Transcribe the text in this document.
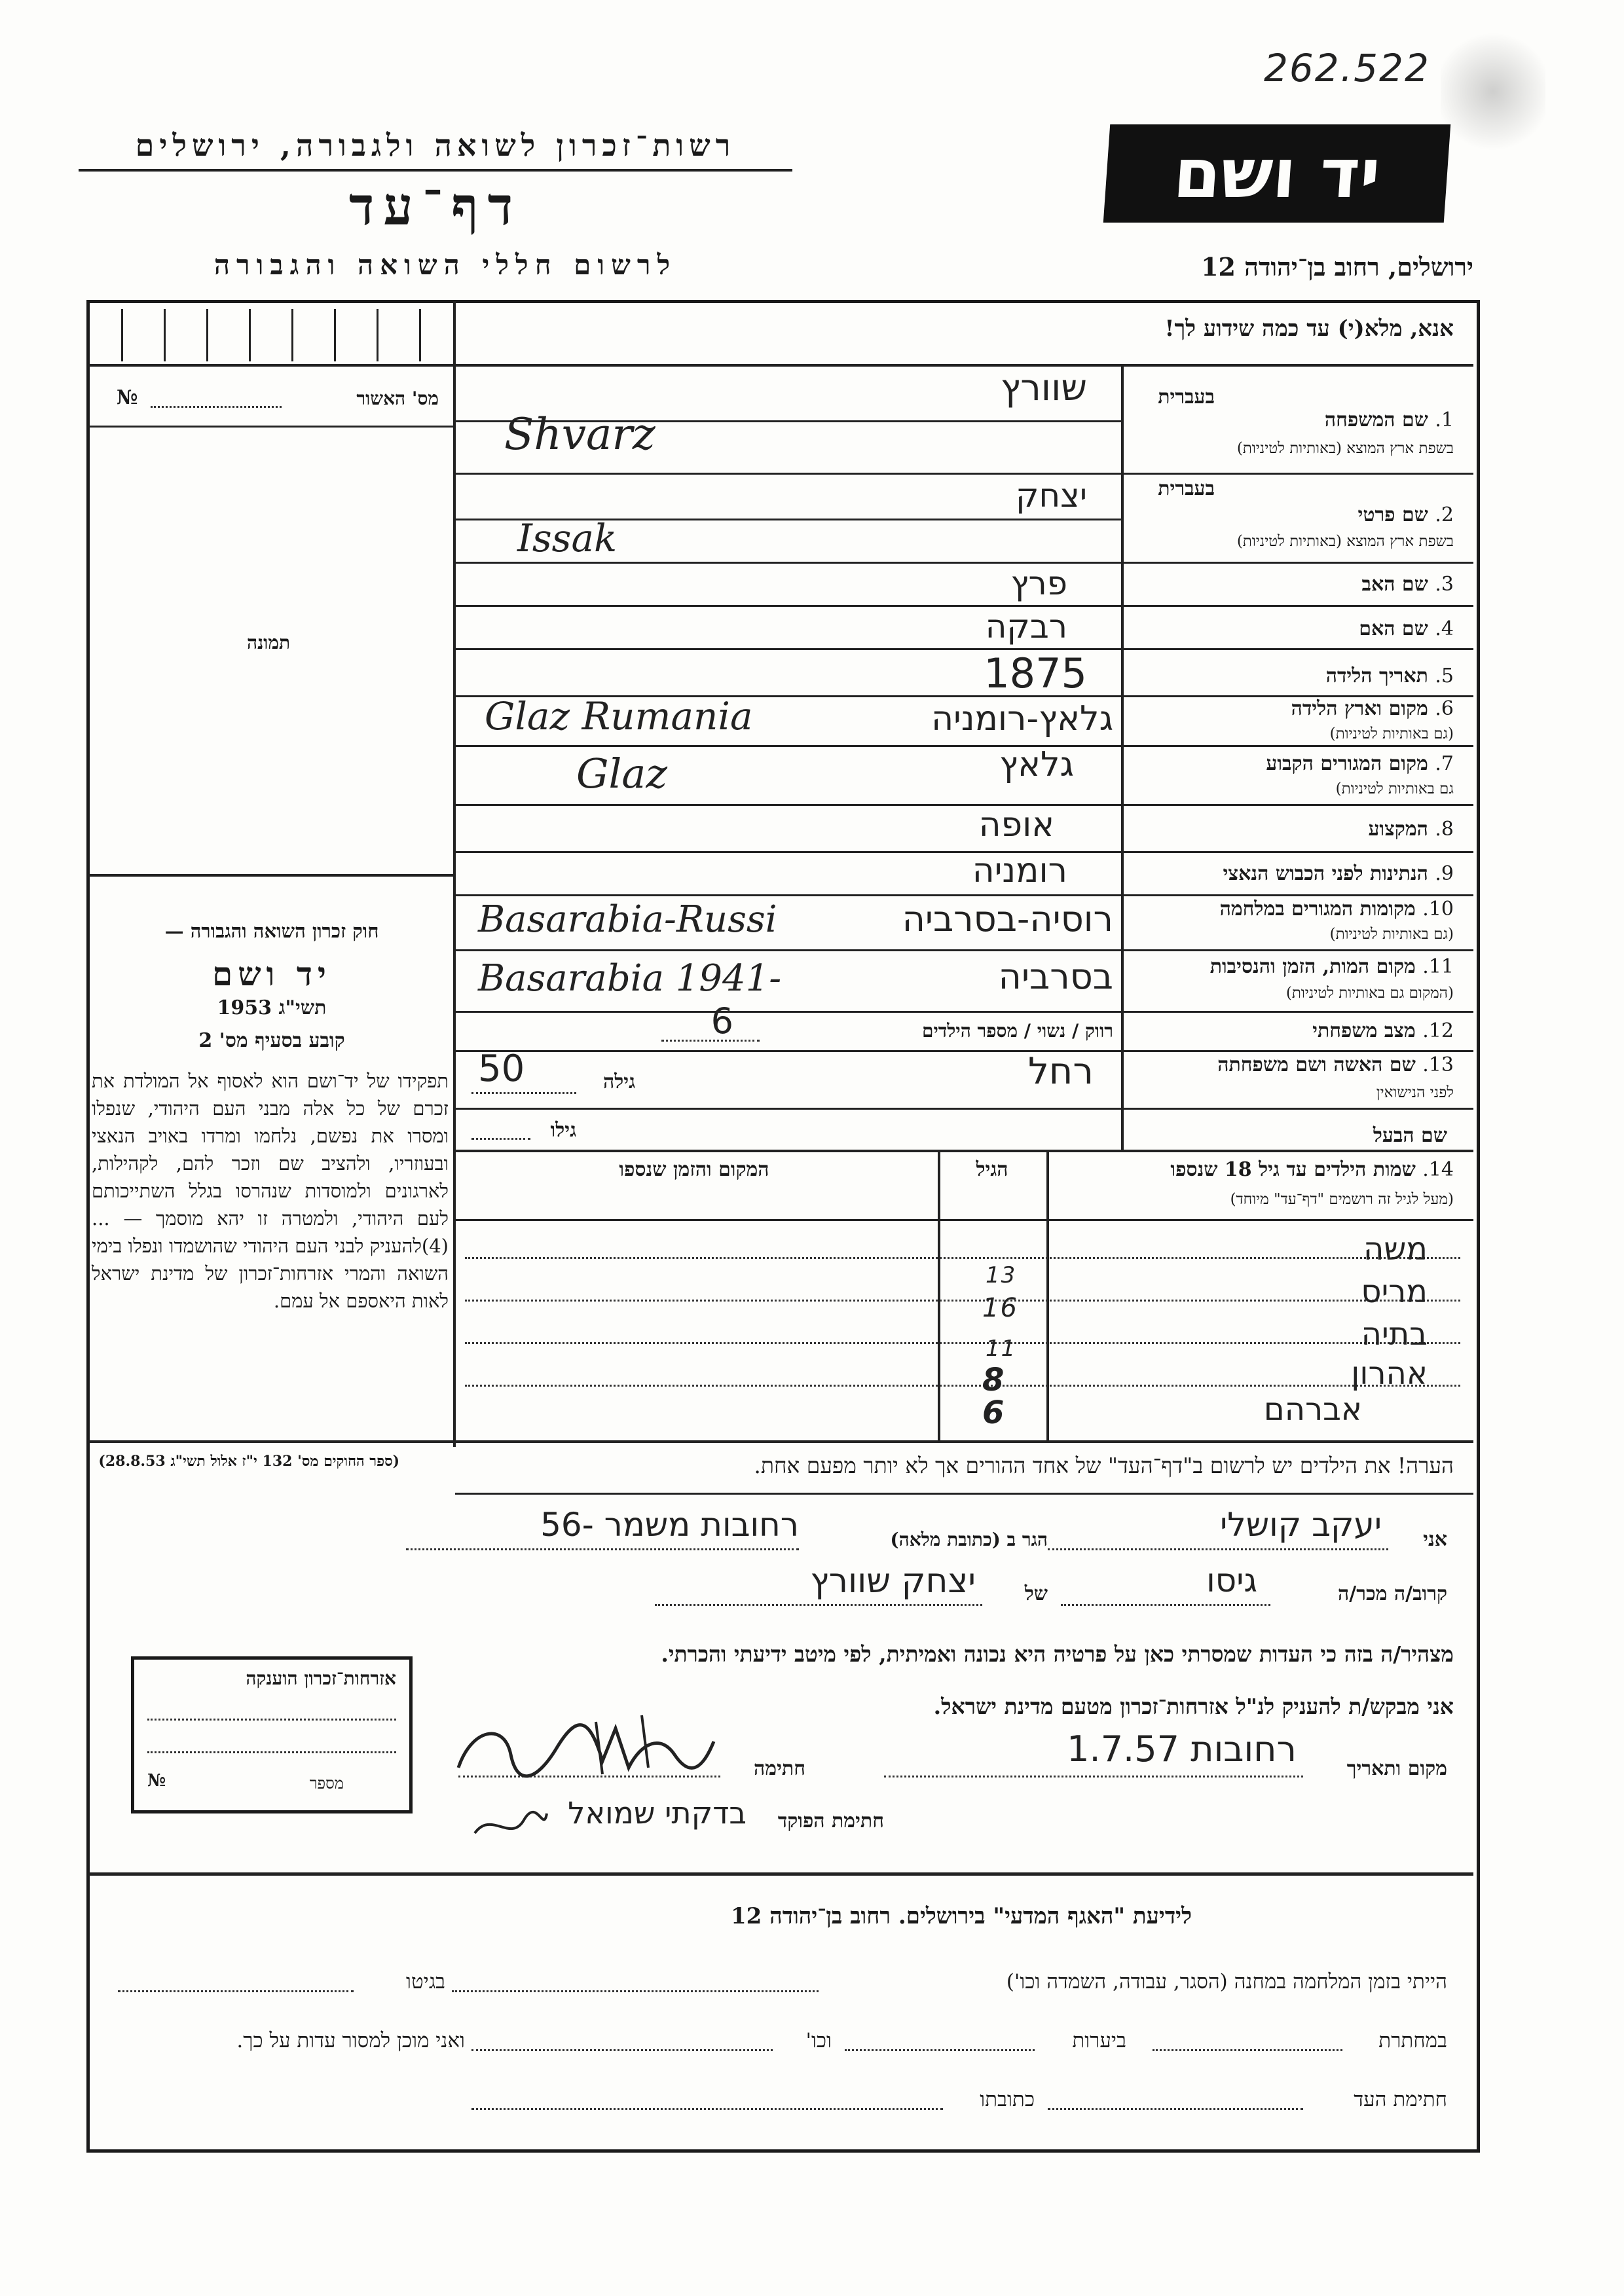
262.522
רשות־זכרון לשואה ולגבורה, ירושלים
דף־עד
לרשום חללי השואה והגבורה
יד ושם
ירושלים, רחוב בן־יהודה 12
אנא, מלא(י) עד כמה שידוע לך!
מס' האשור
№
תמונה
חוק זכרון השואה והגבורה —
יד ושם
1953 תשי"ג
קובע בסעיף מס' 2
תפקידו של יד־ושם הוא לאסוף אל המולדת את זכרם של כל אלה מבני העם היהודי, שנפלו ומסרו את נפשם, נלחמו ומרדו באויב הנאצי ובעוזריו, ולהציב שם וזכר להם, לקהילות, לארגונים ולמוסדות שנהרסו בגלל השתייכותם לעם היהודי, ולמטרה זו יהא מוסמך — ...(4)להעניק לבני העם היהודי שהושמדו ונפלו בימי השואה והמרי אזרחות־זכרון של מדינת ישראל לאות היאספם אל עמם.
(ספר החוקים מס' 132 י"ז אלול תשי"ג 28.8.53)
בעברית
1. שם המשפחה
בשפת ארץ המוצא (באותיות לטיניות)
שוורץ
Shvarz
בעברית
2. שם פרטי
בשפת ארץ המוצא (באותיות לטיניות)
יצחק
Issak
3. שם האב
פרץ
4. שם האם
רבקה
5. תאריך הלידה
1875
6. מקום וארץ הלידה
(גם באותיות לטיניות)
גלאץ-רומניה
Glaz Rumania
7. מקום המגורים הקבוע
גם באותיות לטיניות)
גלאץ
Glaz
8. המקצוע
אופה
9. הנתינות לפני הכבוש הנאצי
רומניה
10. מקומות המגורים במלחמה
(גם באותיות לטיניות)
רוסיה-בסרביה
Basarabia-Russi
11. מקום המות, הזמן והנסיבות
(המקום גם באותיות לטיניות)
בסרביה
Basarabia 1941-
12. מצב משפחתי
רווק / נשוי / מספר הילדים
6
13. שם האשה ושם משפחתה
לפני הנישואין
רחל
גילה
50
שם הבעל
גילו
14. שמות הילדים עד גיל 18 שנספו
(מעל לגיל זה רושמים "דף־עד" מיוחד)
הגיל
המקום והזמן שנספו
משה
מריס
בתיה
אהרון
אברהם
13
16
11
8
6
הערה! את הילדים יש לרשום ב"דף־העד" של אחד ההורים אך לא יותר מפעם אחת.
אני
יעקב קושלי
הגר ב (כתובת מלאה)
רחובות משמר -56
קרוב/ה מכר/ה
גיסו
של
יצחק שוורץ
מצהיר/ה בזה כי העדות שמסרתי כאן על פרטיה היא נכונה ואמיתית, לפי מיטב ידיעתי והכרתי.
אני מבקש/ת להעניק לנ"ל אזרחות־זכרון מטעם מדינת ישראל.
מקום ותאריך
רחובות 1.7.57
חתימה
חתימת הפוקד
בדקתי שמואל
אזרחות־זכרון הוענקה
מספר
№
לידיעת "האגף המדעי" בירושלים. רחוב בן־יהודה 12
הייתי בזמן המלחמה במחנה (הסגר, עבודה, השמדה וכו')
בגיטו
במחתרת
ביערות
וכו'
ואני מוכן למסור עדות על כך.
חתימת העד
כתובתו
